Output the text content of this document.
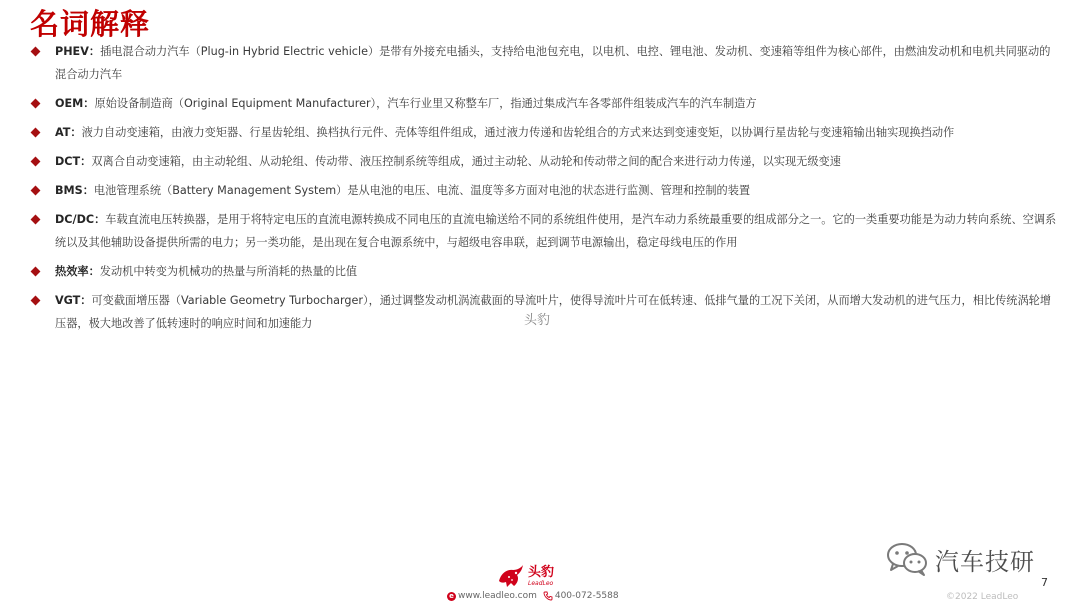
名词解释
PHEV：插电混合动力汽车（Plug-in Hybrid Electric vehicle）是带有外接充电插头，支持给电池包充电，以电机、电控、锂电池、发动机、变速箱等组件为核心部件，由燃油发动机和电机共同驱动的混合动力汽车
OEM：原始设备制造商（Original Equipment Manufacturer），汽车行业里又称整车厂，指通过集成汽车各零部件组装成汽车的汽车制造方
AT：液力自动变速箱，由液力变矩器、行星齿轮组、换档执行元件、壳体等组件组成，通过液力传递和齿轮组合的方式来达到变速变矩，以协调行星齿轮与变速箱输出轴实现换挡动作
DCT：双离合自动变速箱，由主动轮组、从动轮组、传动带、液压控制系统等组成，通过主动轮、从动轮和传动带之间的配合来进行动力传递，以实现无级变速
BMS：电池管理系统（Battery Management System）是从电池的电压、电流、温度等多方面对电池的状态进行监测、管理和控制的装置
DC/DC：车载直流电压转换器，是用于将特定电压的直流电源转换成不同电压的直流电输送给不同的系统组件使用，是汽车动力系统最重要的组成部分之一。它的一类重要功能是为动力转向系统、空调系统以及其他辅助设备提供所需的电力；另一类功能，是出现在复合电源系统中，与超级电容串联，起到调节电源输出，稳定母线电压的作用
热效率：发动机中转变为机械功的热量与所消耗的热量的比值
VGT：可变截面增压器（Variable Geometry Turbocharger），通过调整发动机涡流截面的导流叶片，使得导流叶片可在低转速、低排气量的工况下关闭，从而增大发动机的进气压力，相比传统涡轮增压器，极大地改善了低转速时的响应时间和加速能力	头豹
头豹
LeadLeo
e www.leadleo.com 400-072-5588
汽车技研
7
©2022 LeadLeo
